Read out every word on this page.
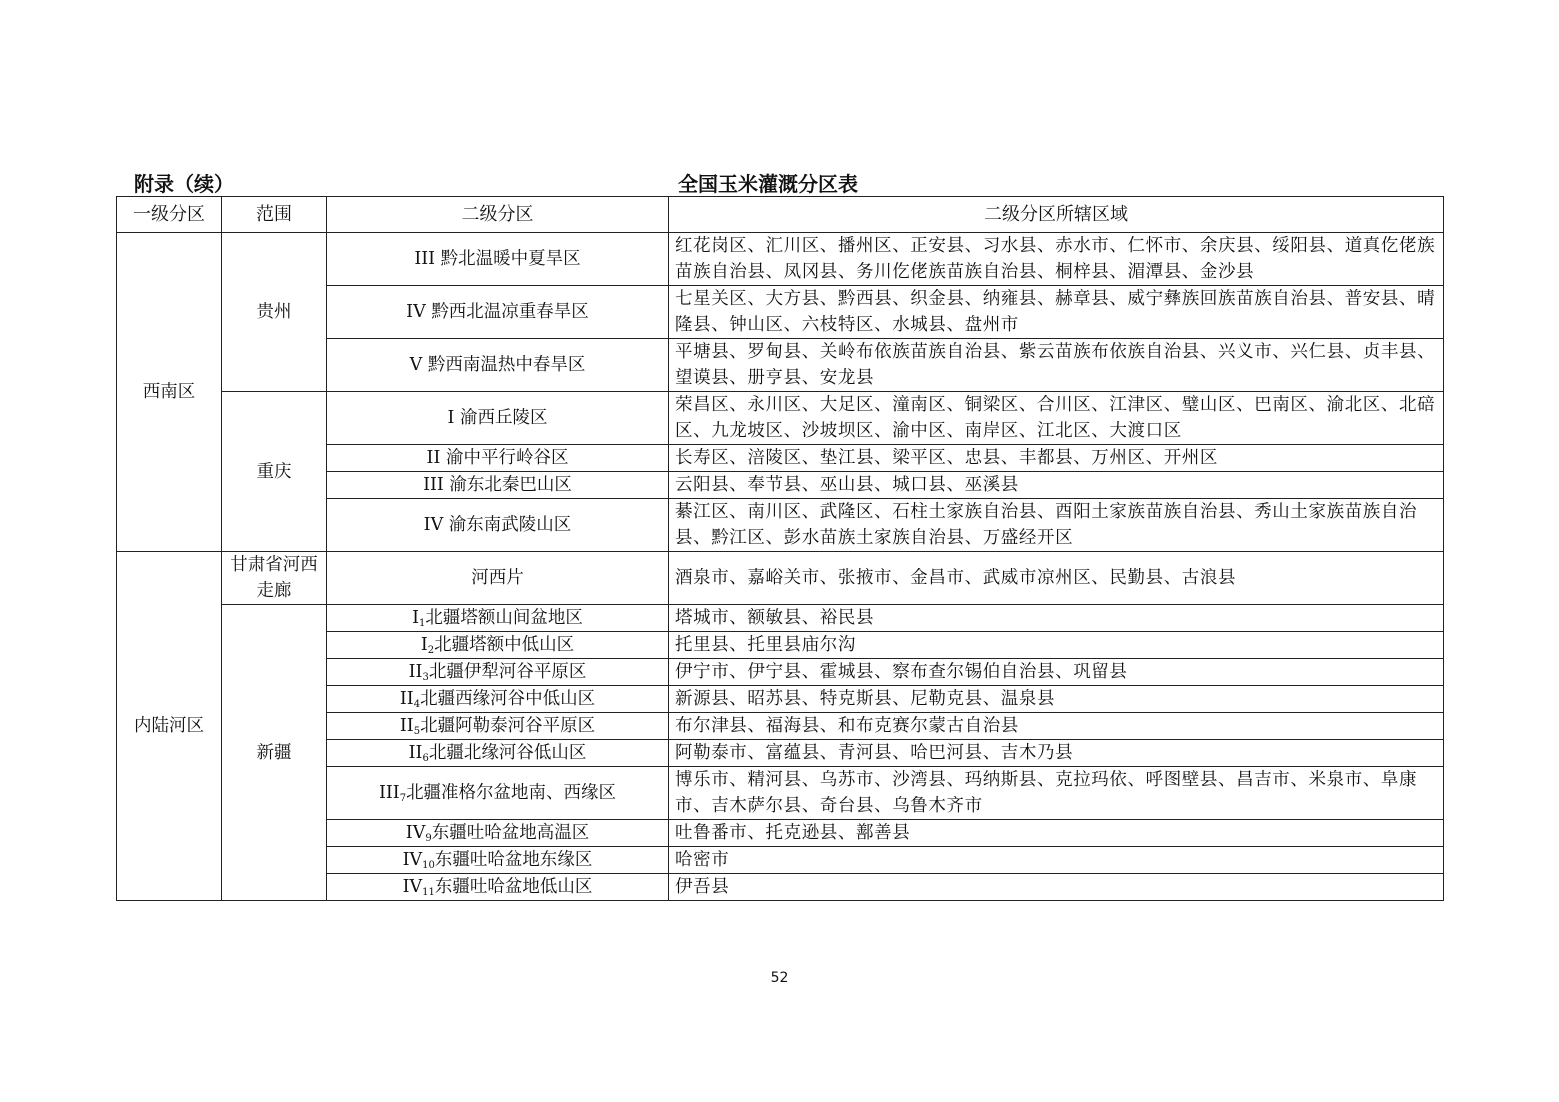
附录（续）	全国玉米灌溉分区表
一级分区	范围	二级分区	二级分区所辖区域
西南区	贵州	III 黔北温暖中夏旱区	红花岗区、汇川区、播州区、正安县、习水县、赤水市、仁怀市、余庆县、绥阳县、道真仡佬族苗族自治县、凤冈县、务川仡佬族苗族自治县、桐梓县、湄潭县、金沙县
		IV 黔西北温凉重春旱区	七星关区、大方县、黔西县、织金县、纳雍县、赫章县、威宁彝族回族苗族自治县、普安县、晴隆县、钟山区、六枝特区、水城县、盘州市
		V 黔西南温热中春旱区	平塘县、罗甸县、关岭布依族苗族自治县、紫云苗族布依族自治县、兴义市、兴仁县、贞丰县、望谟县、册亨县、安龙县
	重庆	I 渝西丘陵区	荣昌区、永川区、大足区、潼南区、铜梁区、合川区、江津区、璧山区、巴南区、渝北区、北碚区、九龙坡区、沙坡坝区、渝中区、南岸区、江北区、大渡口区
		II 渝中平行岭谷区	长寿区、涪陵区、垫江县、梁平区、忠县、丰都县、万州区、开州区
		III 渝东北秦巴山区	云阳县、奉节县、巫山县、城口县、巫溪县
		IV 渝东南武陵山区	綦江区、南川区、武隆区、石柱土家族自治县、酉阳土家族苗族自治县、秀山土家族苗族自治县、黔江区、彭水苗族土家族自治县、万盛经开区
内陆河区	甘肃省河西走廊	河西片	酒泉市、嘉峪关市、张掖市、金昌市、武威市凉州区、民勤县、古浪县
	新疆	$I_1$北疆塔额山间盆地区	塔城市、额敏县、裕民县
		$I_2$北疆塔额中低山区	托里县、托里县庙尔沟
		$II_3$北疆伊犁河谷平原区	伊宁市、伊宁县、霍城县、察布查尔锡伯自治县、巩留县
		$II_4$北疆西缘河谷中低山区	新源县、昭苏县、特克斯县、尼勒克县、温泉县
		$II_5$北疆阿勒泰河谷平原区	布尔津县、福海县、和布克赛尔蒙古自治县
		$II_6$北疆北缘河谷低山区	阿勒泰市、富蕴县、青河县、哈巴河县、吉木乃县
		$III_7$北疆准格尔盆地南、西缘区	博乐市、精河县、乌苏市、沙湾县、玛纳斯县、克拉玛依、呼图壁县、昌吉市、米泉市、阜康市、吉木萨尔县、奇台县、乌鲁木齐市
		$IV_9$东疆吐哈盆地高温区	吐鲁番市、托克逊县、鄯善县
		$IV_{10}$东疆吐哈盆地东缘区	哈密市
		$IV_{11}$东疆吐哈盆地低山区	伊吾县
52
